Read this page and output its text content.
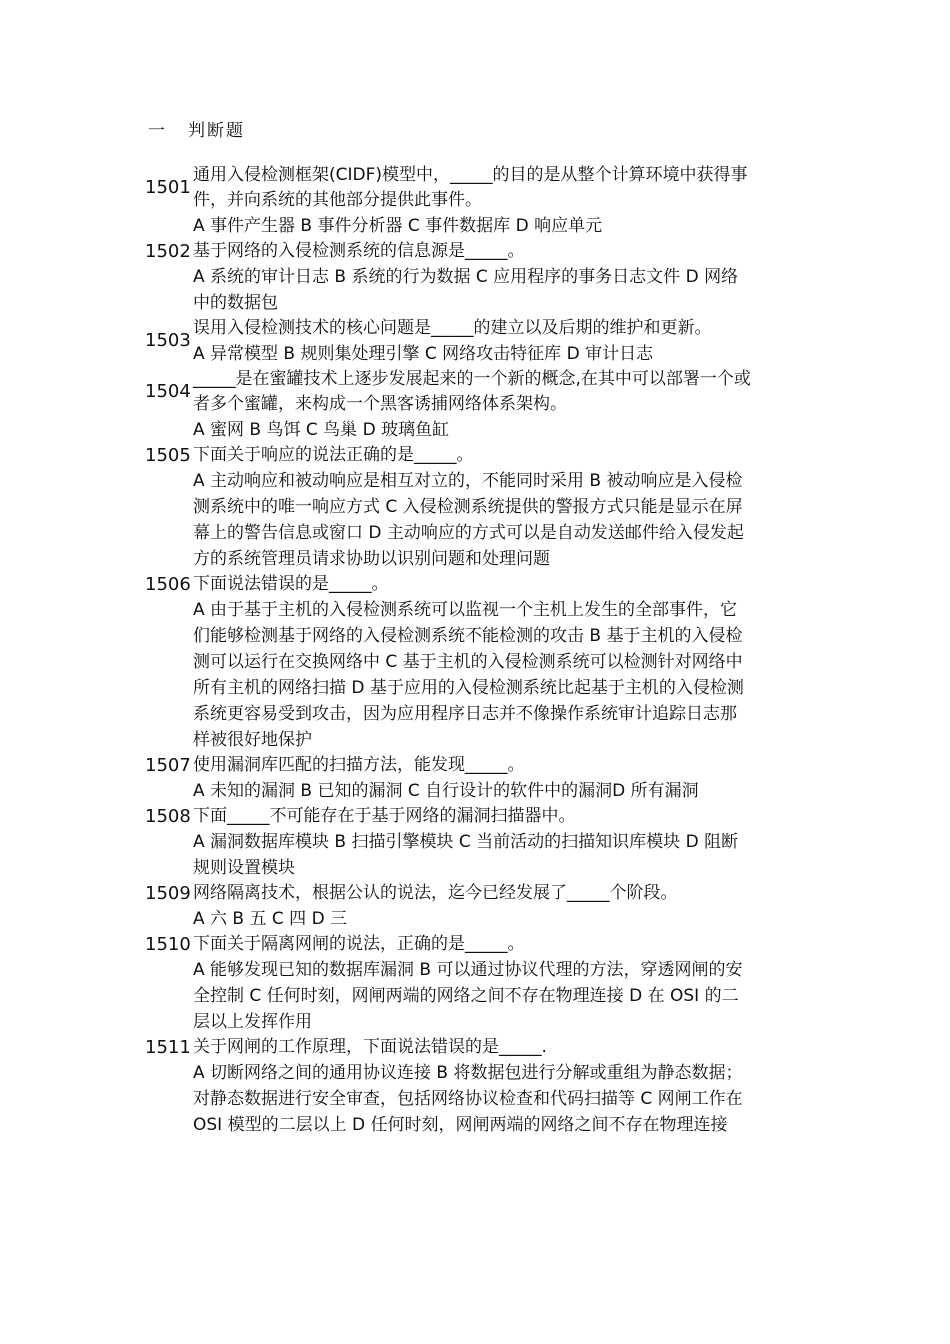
一 判断题
1501
通用入侵检测框架(CIDF)模型中，_____的目的是从整个计算环境中获得事件，并向系统的其他部分提供此事件。
A 事件产生器 B 事件分析器 C 事件数据库 D 响应单元
1502 基于网络的入侵检测系统的信息源是_____。
A 系统的审计日志 B 系统的行为数据 C 应用程序的事务日志文件 D 网络中的数据包
1503
误用入侵检测技术的核心问题是_____的建立以及后期的维护和更新。
A 异常模型 B 规则集处理引擎 C 网络攻击特征库 D 审计日志
1504
_____是在蜜罐技术上逐步发展起来的一个新的概念,在其中可以部署一个或者多个蜜罐，来构成一个黑客诱捕网络体系架构。
A 蜜网 B 鸟饵 C 鸟巢 D 玻璃鱼缸
1505 下面关于响应的说法正确的是_____。
A 主动响应和被动响应是相互对立的，不能同时采用 B 被动响应是入侵检测系统中的唯一响应方式 C 入侵检测系统提供的警报方式只能是显示在屏幕上的警告信息或窗口 D 主动响应的方式可以是自动发送邮件给入侵发起方的系统管理员请求协助以识别问题和处理问题
1506 下面说法错误的是_____。
A 由于基于主机的入侵检测系统可以监视一个主机上发生的全部事件，它们能够检测基于网络的入侵检测系统不能检测的攻击 B 基于主机的入侵检测可以运行在交换网络中 C 基于主机的入侵检测系统可以检测针对网络中所有主机的网络扫描 D 基于应用的入侵检测系统比起基于主机的入侵检测系统更容易受到攻击，因为应用程序日志并不像操作系统审计追踪日志那样被很好地保护
1507 使用漏洞库匹配的扫描方法，能发现_____。
A 未知的漏洞 B 已知的漏洞 C 自行设计的软件中的漏洞D 所有漏洞
1508 下面_____不可能存在于基于网络的漏洞扫描器中。
A 漏洞数据库模块 B 扫描引擎模块 C 当前活动的扫描知识库模块 D 阻断规则设置模块
1509 网络隔离技术，根据公认的说法，迄今已经发展了_____个阶段。
A 六 B 五 C 四 D 三
1510 下面关于隔离网闸的说法，正确的是_____。
A 能够发现已知的数据库漏洞 B 可以通过协议代理的方法，穿透网闸的安全控制 C 任何时刻，网闸两端的网络之间不存在物理连接 D 在 OSI 的二层以上发挥作用
1511 关于网闸的工作原理，下面说法错误的是_____.
A 切断网络之间的通用协议连接 B 将数据包进行分解或重组为静态数据；对静态数据进行安全审查，包括网络协议检查和代码扫描等 C 网闸工作在 OSI 模型的二层以上 D 任何时刻，网闸两端的网络之间不存在物理连接
